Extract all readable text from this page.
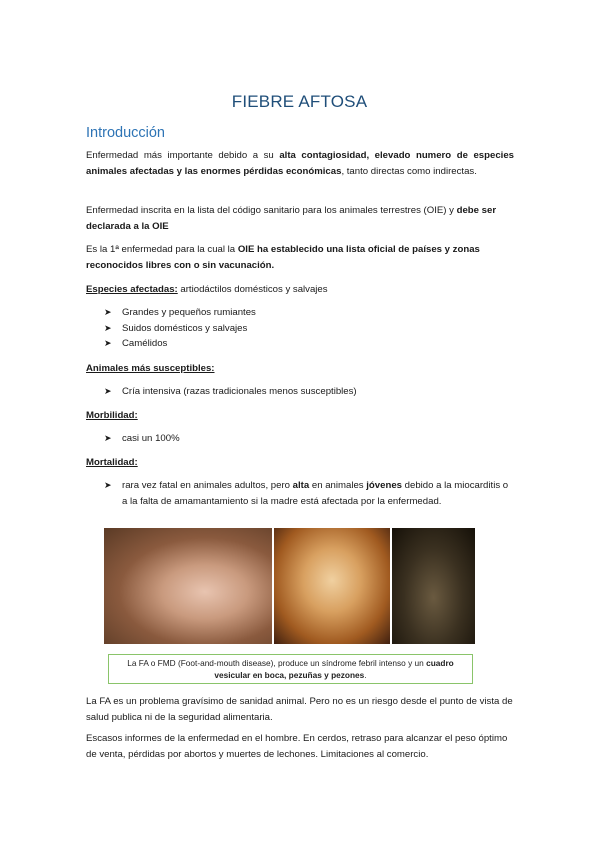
FIEBRE AFTOSA
Introducción
Enfermedad más importante debido a su alta contagiosidad, elevado numero de especies animales afectadas y las enormes pérdidas económicas, tanto directas como indirectas.
Enfermedad inscrita en la lista del código sanitario para los animales terrestres (OIE) y debe ser declarada a la OIE
Es la 1ª enfermedad para la cual la OIE ha establecido una lista oficial de países y zonas reconocidos libres con o sin vacunación.
Especies afectadas: artiodáctilos domésticos y salvajes
➤ Grandes y pequeños rumiantes
➤ Suidos domésticos y salvajes
➤ Camélidos
Animales más susceptibles:
➤ Cría intensiva (razas tradicionales menos susceptibles)
Morbilidad:
➤ casi un 100%
Mortalidad:
➤ rara vez fatal en animales adultos, pero alta en animales jóvenes debido a la miocarditis o a la falta de amamantamiento si la madre está afectada por la enfermedad.
La FA o FMD (Foot-and-mouth disease), produce un síndrome febril intenso y un cuadro vesicular en boca, pezuñas y pezones.
La FA es un problema gravísimo de sanidad animal. Pero no es un riesgo desde el punto de vista de salud publica ni de la seguridad alimentaria.
Escasos informes de la enfermedad en el hombre. En cerdos, retraso para alcanzar el peso óptimo de venta, pérdidas por abortos y muertes de lechones. Limitaciones al comercio.
